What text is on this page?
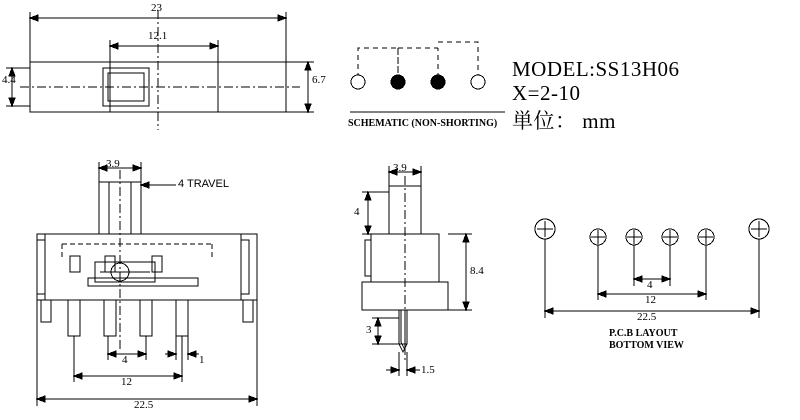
23
12.1
6.7
4.4
SCHEMATIC (NON-SHORTING)
MODEL:SS13H06
X=2-10
単位： mm
3.9
4 TRAVEL
4	1
12
22.5
3.9
4
8.4
3
1.5
4
12
22.5
P.C.B LAYOUT
BOTTOM VIEW
